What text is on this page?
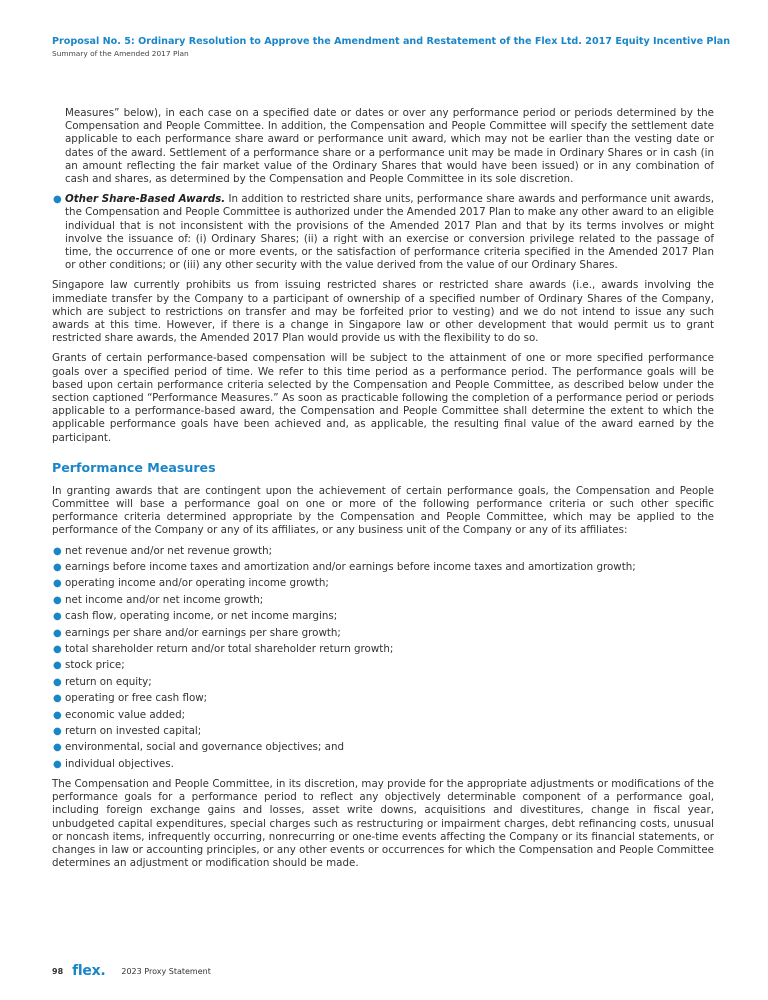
Proposal No. 5: Ordinary Resolution to Approve the Amendment and Restatement of the Flex Ltd. 2017 Equity Incentive Plan
Summary of the Amended 2017 Plan

Measures” below), in each case on a specified date or dates or over any performance period or periods determined by the Compensation and People Committee. In addition, the Compensation and People Committee will specify the settlement date applicable to each performance share award or performance unit award, which may not be earlier than the vesting date or dates of the award. Settlement of a performance share or a performance unit may be made in Ordinary Shares or in cash (in an amount reflecting the fair market value of the Ordinary Shares that would have been issued) or in any combination of cash and shares, as determined by the Compensation and People Committee in its sole discretion.

● Other Share-Based Awards. In addition to restricted share units, performance share awards and performance unit awards, the Compensation and People Committee is authorized under the Amended 2017 Plan to make any other award to an eligible individual that is not inconsistent with the provisions of the Amended 2017 Plan and that by its terms involves or might involve the issuance of: (i) Ordinary Shares; (ii) a right with an exercise or conversion privilege related to the passage of time, the occurrence of one or more events, or the satisfaction of performance criteria specified in the Amended 2017 Plan or other conditions; or (iii) any other security with the value derived from the value of our Ordinary Shares.

Singapore law currently prohibits us from issuing restricted shares or restricted share awards (i.e., awards involving the immediate transfer by the Company to a participant of ownership of a specified number of Ordinary Shares of the Company, which are subject to restrictions on transfer and may be forfeited prior to vesting) and we do not intend to issue any such awards at this time. However, if there is a change in Singapore law or other development that would permit us to grant restricted share awards, the Amended 2017 Plan would provide us with the flexibility to do so.

Grants of certain performance-based compensation will be subject to the attainment of one or more specified performance goals over a specified period of time. We refer to this time period as a performance period. The performance goals will be based upon certain performance criteria selected by the Compensation and People Committee, as described below under the section captioned “Performance Measures.” As soon as practicable following the completion of a performance period or periods applicable to a performance-based award, the Compensation and People Committee shall determine the extent to which the applicable performance goals have been achieved and, as applicable, the resulting final value of the award earned by the participant.

Performance Measures

In granting awards that are contingent upon the achievement of certain performance goals, the Compensation and People Committee will base a performance goal on one or more of the following performance criteria or such other specific performance criteria determined appropriate by the Compensation and People Committee, which may be applied to the performance of the Company or any of its affiliates, or any business unit of the Company or any of its affiliates:

● net revenue and/or net revenue growth;
● earnings before income taxes and amortization and/or earnings before income taxes and amortization growth;
● operating income and/or operating income growth;
● net income and/or net income growth;
● cash flow, operating income, or net income margins;
● earnings per share and/or earnings per share growth;
● total shareholder return and/or total shareholder return growth;
● stock price;
● return on equity;
● operating or free cash flow;
● economic value added;
● return on invested capital;
● environmental, social and governance objectives; and
● individual objectives.

The Compensation and People Committee, in its discretion, may provide for the appropriate adjustments or modifications of the performance goals for a performance period to reflect any objectively determinable component of a performance goal, including foreign exchange gains and losses, asset write downs, acquisitions and divestitures, change in fiscal year, unbudgeted capital expenditures, special charges such as restructuring or impairment charges, debt refinancing costs, unusual or noncash items, infrequently occurring, nonrecurring or one-time events affecting the Company or its financial statements, or changes in law or accounting principles, or any other events or occurrences for which the Compensation and People Committee determines an adjustment or modification should be made.

98 flex. 2023 Proxy Statement
